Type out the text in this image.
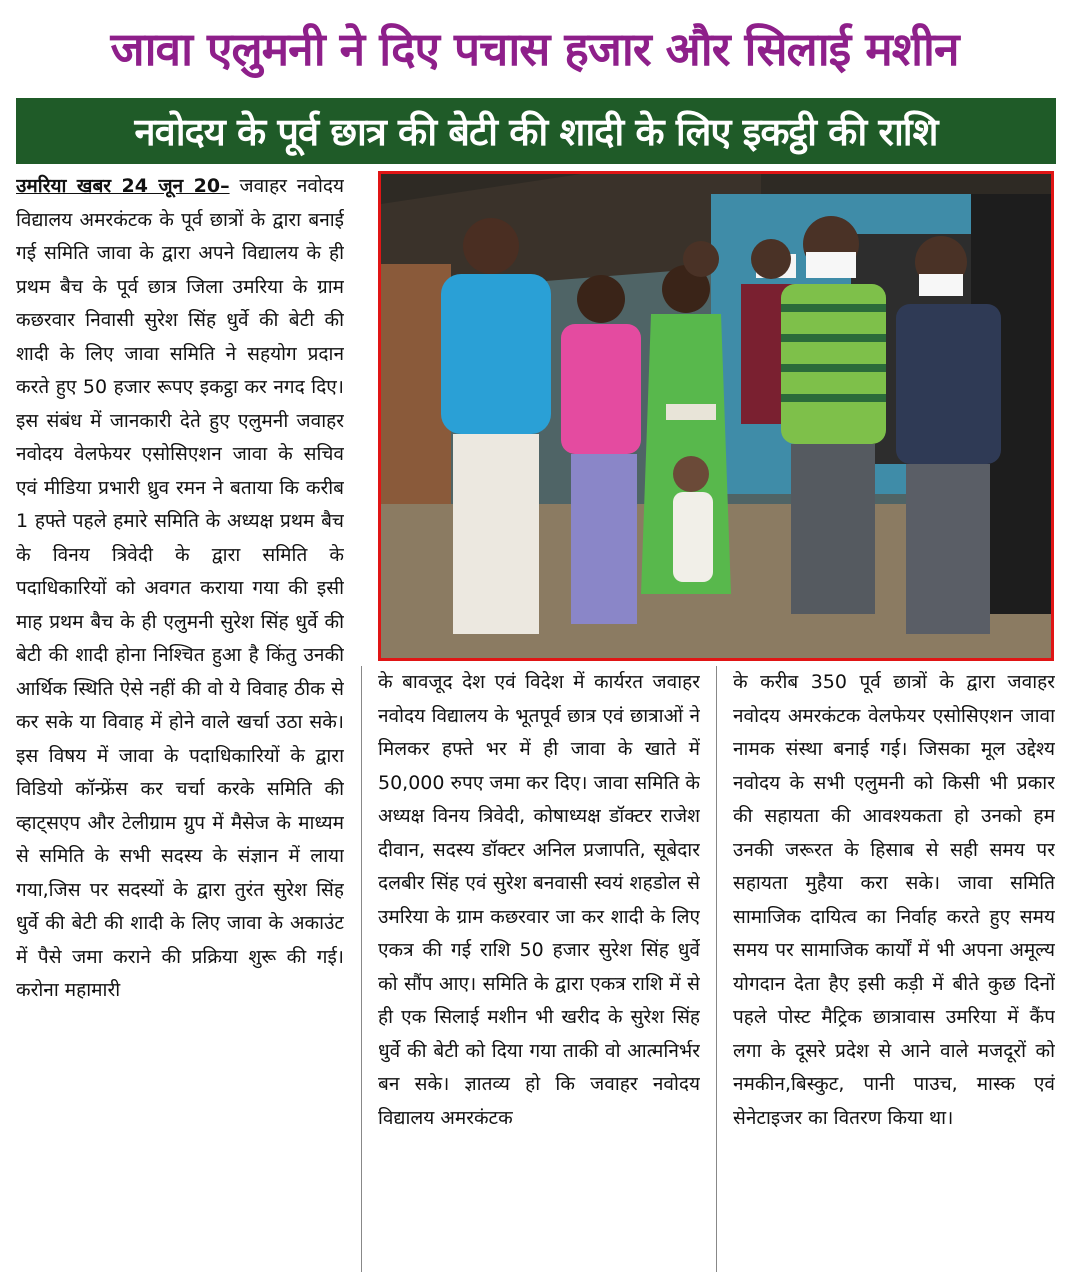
जावा एलुमनी ने दिए पचास हजार और सिलाई मशीन
नवोदय के पूर्व छात्र की बेटी की शादी के लिए इकट्ठी की राशि
उमरिया खबर 24 जून 20– जवाहर नवोदय विद्यालय अमरकंटक के पूर्व छात्रों के द्वारा बनाई गई समिति जावा के द्वारा अपने विद्यालय के ही प्रथम बैच के पूर्व छात्र जिला उमरिया के ग्राम कछरवार निवासी सुरेश सिंह धुर्वे की बेटी की शादी के लिए जावा समिति ने सहयोग प्रदान करते हुए 50 हजार रूपए इकट्ठा कर नगद दिए। इस संबंध में जानकारी देते हुए एलुमनी जवाहर नवोदय वेलफेयर एसोसिएशन जावा के सचिव एवं मीडिया प्रभारी ध्रुव रमन ने बताया कि करीब 1 हफ्ते पहले हमारे समिति के अध्यक्ष प्रथम बैच के विनय त्रिवेदी के द्वारा समिति के पदाधिकारियों को अवगत कराया गया की इसी माह प्रथम बैच के ही एलुमनी सुरेश सिंह धुर्वे की बेटी की शादी होना निश्चित हुआ है किंतु उनकी आर्थिक स्थिति ऐसे नहीं की वो ये विवाह ठीक से कर सके या विवाह में होने वाले खर्चा उठा सके। इस विषय में जावा के पदाधिकारियों के द्वारा विडियो कॉन्फ्रेंस कर चर्चा करके समिति की व्हाट्सएप और टेलीग्राम ग्रुप में मैसेज के माध्यम से समिति के सभी सदस्य के संज्ञान में लाया गया,जिस पर सदस्यों के द्वारा तुरंत सुरेश सिंह धुर्वे की बेटी की शादी के लिए जावा के अकाउंट में पैसे जमा कराने की प्रक्रिया शुरू की गई। करोना महामारी
के बावजूद देश एवं विदेश में कार्यरत जवाहर नवोदय विद्यालय के भूतपूर्व छात्र एवं छात्राओं ने मिलकर हफ्ते भर में ही जावा के खाते में 50,000 रुपए जमा कर दिए। जावा समिति के अध्यक्ष विनय त्रिवेदी, कोषाध्यक्ष डॉक्टर राजेश दीवान, सदस्य डॉक्टर अनिल प्रजापति, सूबेदार दलबीर सिंह एवं सुरेश बनवासी स्वयं शहडोल से उमरिया के ग्राम कछरवार जा कर शादी के लिए एकत्र की गई राशि 50 हजार सुरेश सिंह धुर्वे को सौंप आए। समिति के द्वारा एकत्र राशि में से ही एक सिलाई मशीन भी खरीद के सुरेश सिंह धुर्वे की बेटी को दिया गया ताकी वो आत्मनिर्भर बन सके। ज्ञातव्य हो कि जवाहर नवोदय विद्यालय अमरकंटक
के करीब 350 पूर्व छात्रों के द्वारा जवाहर नवोदय अमरकंटक वेलफेयर एसोसिएशन जावा नामक संस्था बनाई गई। जिसका मूल उद्देश्य नवोदय के सभी एलुमनी को किसी भी प्रकार की सहायता की आवश्यकता हो उनको हम उनकी जरूरत के हिसाब से सही समय पर सहायता मुहैया करा सके। जावा समिति सामाजिक दायित्व का निर्वाह करते हुए समय समय पर सामाजिक कार्यों में भी अपना अमूल्य योगदान देता हैए इसी कड़ी में बीते कुछ दिनों पहले पोस्ट मैट्रिक छात्रावास उमरिया में कैंप लगा के दूसरे प्रदेश से आने वाले मजदूरों को नमकीन,बिस्कुट, पानी पाउच, मास्क एवं सेनेटाइजर का वितरण किया था।
